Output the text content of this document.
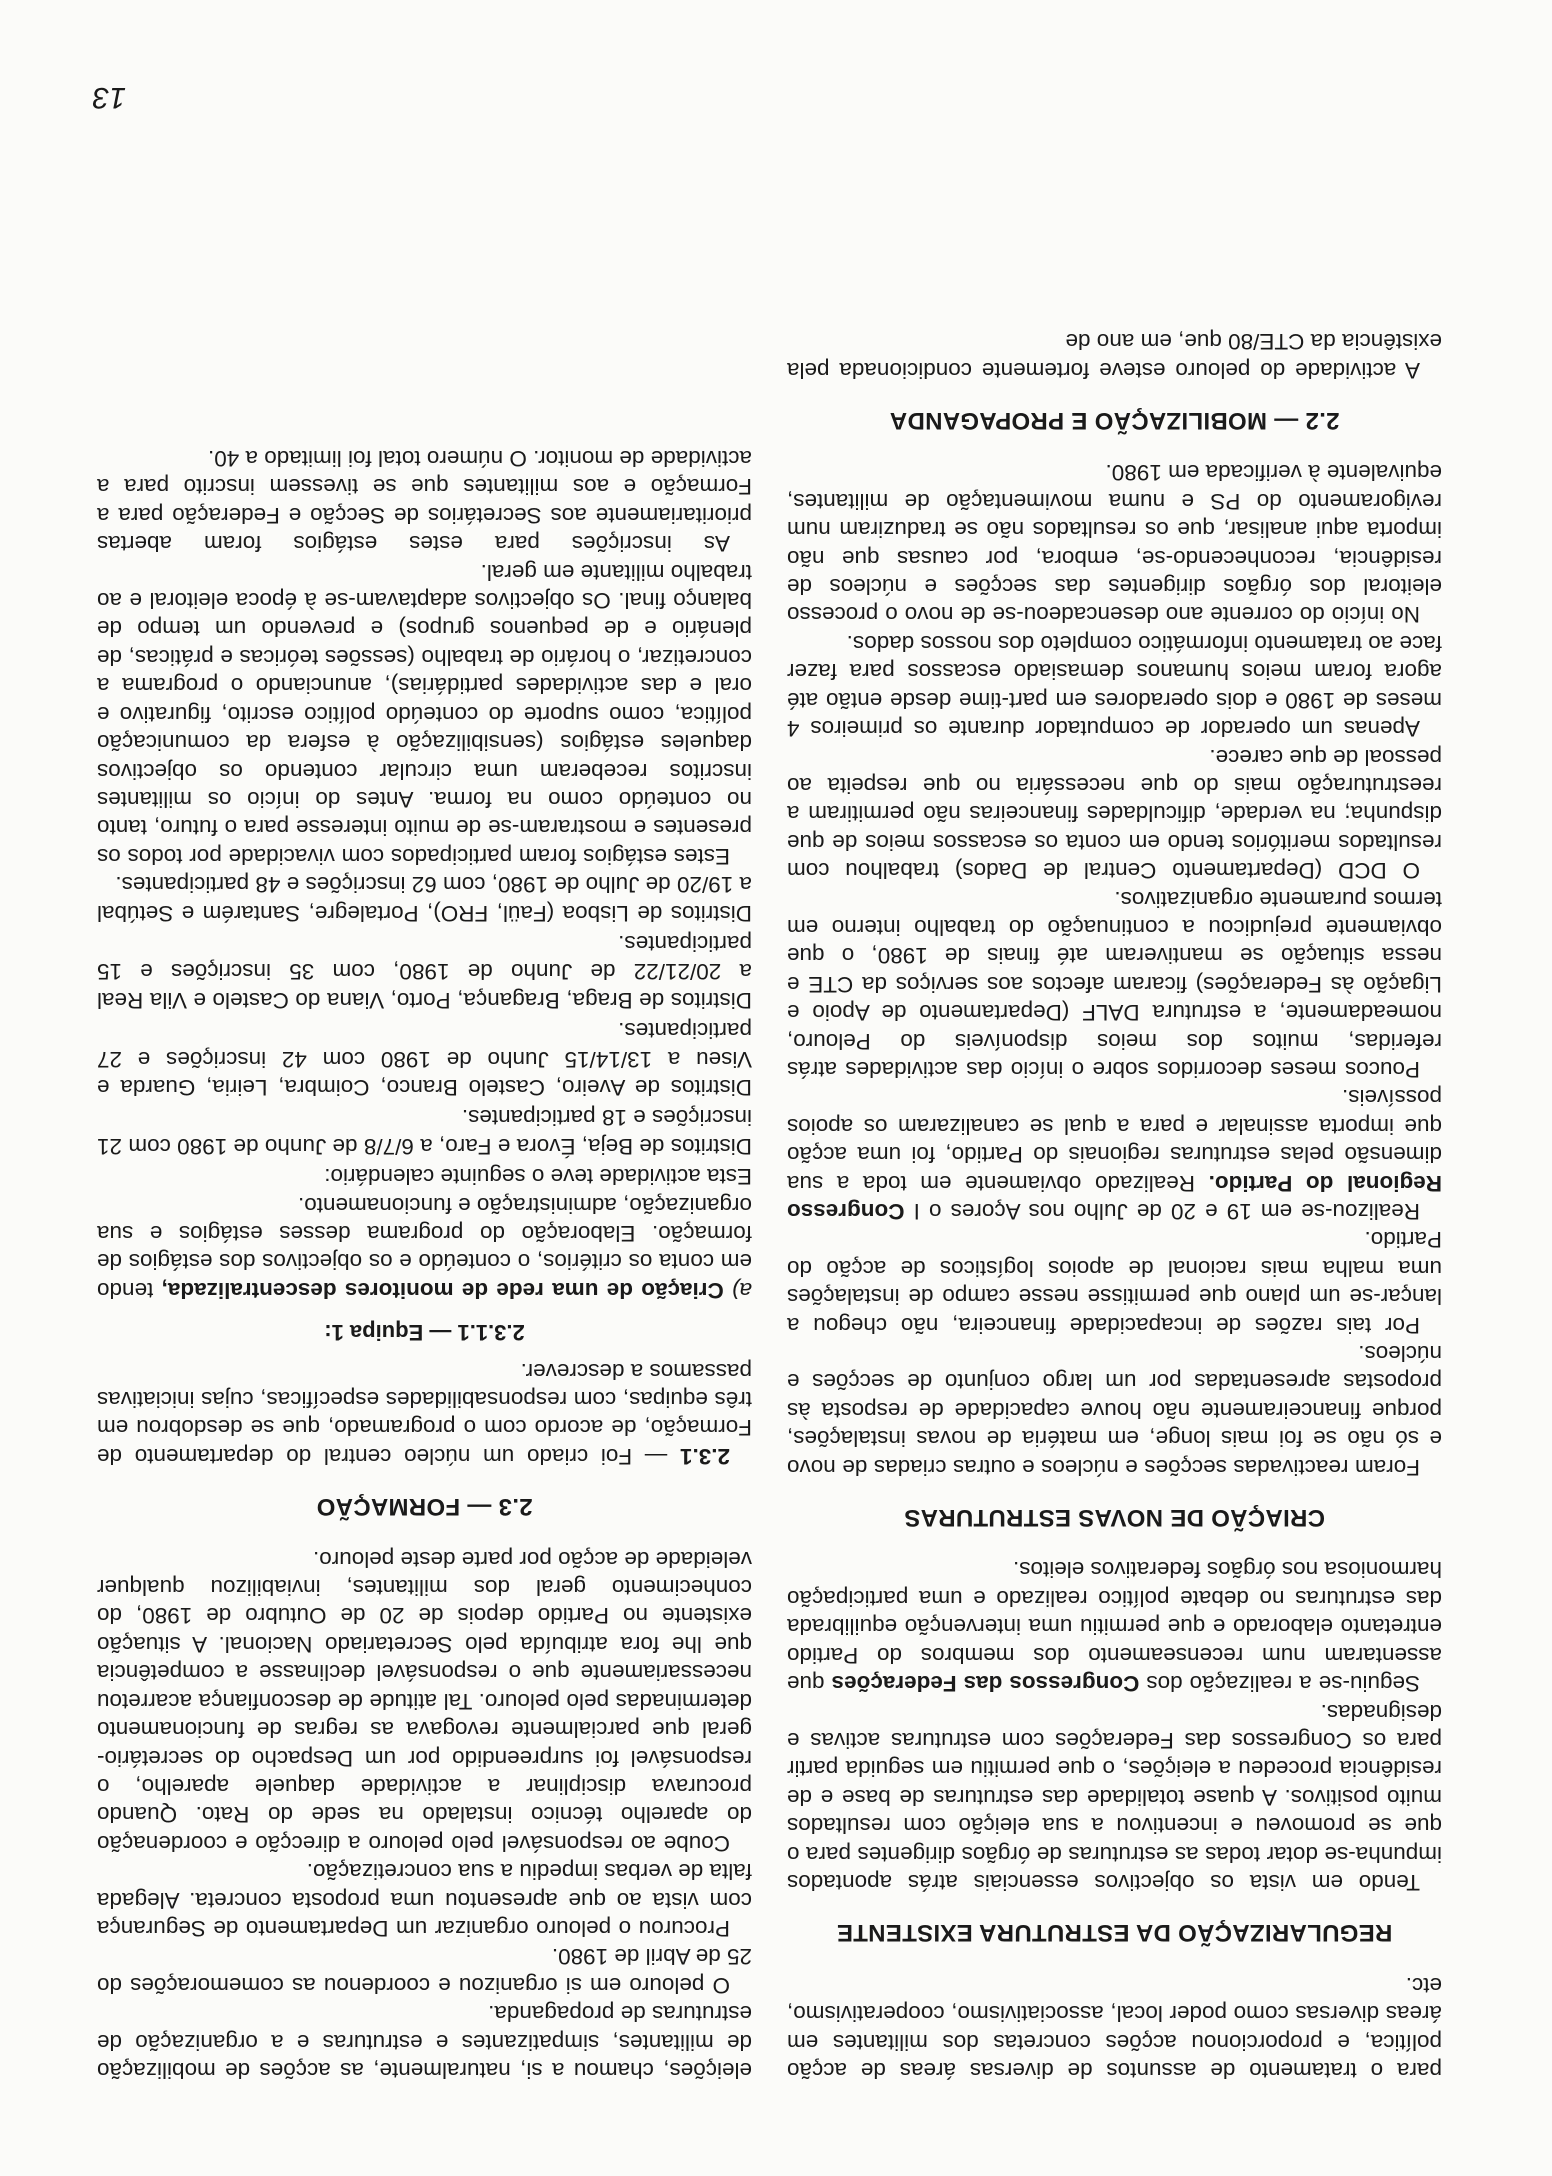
para o tratamento de assuntos de diversas áreas de acção política, e proporcionou acções concretas dos militantes em áreas diversas como poder local, associativismo, cooperativismo, etc.

REGULARIZAÇÃO DA ESTRUTURA EXISTENTE

Tendo em vista os objectivos essenciais atrás apontados impunha-se dotar todas as estruturas de órgãos dirigentes para o que se promoveu e incentivou a sua eleição com resultados muito positivos. A quase totalidade das estruturas de base e de residência procedeu a eleições, o que permitiu em seguida partir para os Congressos das Federações com estruturas activas e designadas.

Seguiu-se a realização dos Congressos das Federações que assentaram num recenseamento dos membros do Partido entretanto elaborado e que permitiu uma intervenção equilibrada das estruturas no debate político realizado e uma participação harmoniosa nos órgãos federativos eleitos.

CRIAÇÃO DE NOVAS ESTRUTURAS

Foram reactivadas secções e núcleos e outras criadas de novo e só não se foi mais longe, em matéria de novas instalações, porque financeiramente não houve capacidade de resposta às propostas apresentadas por um largo conjunto de secções e núcleos.

Por tais razões de incapacidade financeira, não chegou a lançar-se um plano que permitisse nesse campo de instalações uma malha mais racional de apoios logísticos de acção do Partido.

Realizou-se em 19 e 20 de Julho nos Açores o I Congresso Regional do Partido. Realizado obviamente em toda a sua dimensão pelas estruturas regionais do Partido, foi uma acção que importa assinalar e para a qual se canalizaram os apoios possíveis.

Poucos meses decorridos sobre o início das actividades atrás referidas, muitos dos meios disponíveis do Pelouro, nomeadamente, a estrutura DALF (Departamento de Apoio e Ligação às Federações) ficaram afectos aos serviços da CTE e nessa situação se mantiveram até finais de 1980, o que obviamente prejudicou a continuação do trabalho interno em termos puramente organizativos.

O DCD (Departamento Central de Dados) trabalhou com resultados meritórios tendo em conta os escassos meios de que dispunha; na verdade, dificuldades financeiras não permitiram a reestruturação mais do que necessária no que respeita ao pessoal de que carece.

Apenas um operador de computador durante os primeiros 4 meses de 1980 e dois operadores em part-time desde então até agora foram meios humanos demasiado escassos para fazer face ao tratamento informático completo dos nossos dados.

No início do corrente ano desencadeou-se de novo o processo eleitoral dos órgãos dirigentes das secções e núcleos de residência, reconhecendo-se, embora, por causas que não importa aqui analisar, que os resultados não se traduziram num revigoramento do PS e numa movimentação de militantes, equivalente à verificada em 1980.

2.2 — MOBILIZAÇÃO E PROPAGANDA

A actividade do pelouro esteve fortemente condicionada pela existência da CTE/80 que, em ano de

eleições, chamou a si, naturalmente, as acções de mobilização de militantes, simpatizantes e estruturas e a organização de estruturas de propaganda.

O pelouro em si organizou e coordenou as comemorações do 25 de Abril de 1980.

Procurou o pelouro organizar um Departamento de Segurança com vista ao que apresentou uma proposta concreta. Alegada falta de verbas impediu a sua concretização.

Coube ao responsável pelo pelouro a direcção e coordenação do aparelho técnico instalado na sede do Rato. Quando procurava disciplinar a actividade daquele aparelho, o responsável foi surpreendido por um Despacho do secretário-geral que parcialmente revogava as regras de funcionamento determinadas pelo pelouro. Tal atitude de desconfiança acarretou necessariamente que o responsável declinasse a competência que lhe fora atribuída pelo Secretariado Nacional. A situação existente no Partido depois de 20 de Outubro de 1980, do conhecimento geral dos militantes, inviabilizou qualquer veleidade de acção por parte deste pelouro.

2.3 — FORMAÇÃO

2.3.1 — Foi criado um núcleo central do departamento de Formação, de acordo com o programado, que se desdobrou em três equipas, com responsabilidades específicas, cujas iniciativas passamos a descrever.

2.3.1.1 — Equipa 1:

a) Criação de uma rede de monitores descentralizada, tendo em conta os critérios, o conteúdo e os objectivos dos estágios de formação. Elaboração do programa desses estágios e sua organização, administração e funcionamento.

Esta actividade teve o seguinte calendário:

Distritos de Beja, Évora e Faro, a 6/7/8 de Junho de 1980 com 21 inscrições e 18 participantes.

Distritos de Aveiro, Castelo Branco, Coimbra, Leiria, Guarda e Viseu a 13/14/15 Junho de 1980 com 42 inscrições e 27 participantes.

Distritos de Braga, Bragança, Porto, Viana do Castelo e Vila Real a 20/21/22 de Junho de 1980, com 35 inscrições e 15 participantes.

Distritos de Lisboa (Faül, FRO), Portalegre, Santarém e Setúbal a 19/20 de Julho de 1980, com 62 inscrições e 48 participantes.

Estes estágios foram participados com vivacidade por todos os presentes e mostraram-se de muito interesse para o futuro, tanto no conteúdo como na forma. Antes do início os militantes inscritos receberam uma circular contendo os objectivos daqueles estágios (sensibilização à esfera da comunicação política, como suporte do conteúdo político escrito, figurativo e oral e das actividades partidárias), anunciando o programa a concretizar, o horário de trabalho (sessões teóricas e práticas, de plenário e de pequenos grupos) e prevendo um tempo de balanço final. Os objectivos adaptavam-se à época eleitoral e ao trabalho militante em geral.

As inscrições para estes estágios foram abertas prioritariamente aos Secretários de Secção e Federação para a Formação e aos militantes que se tivessem inscrito para a actividade de monitor. O número total foi limitado a 40.

13
